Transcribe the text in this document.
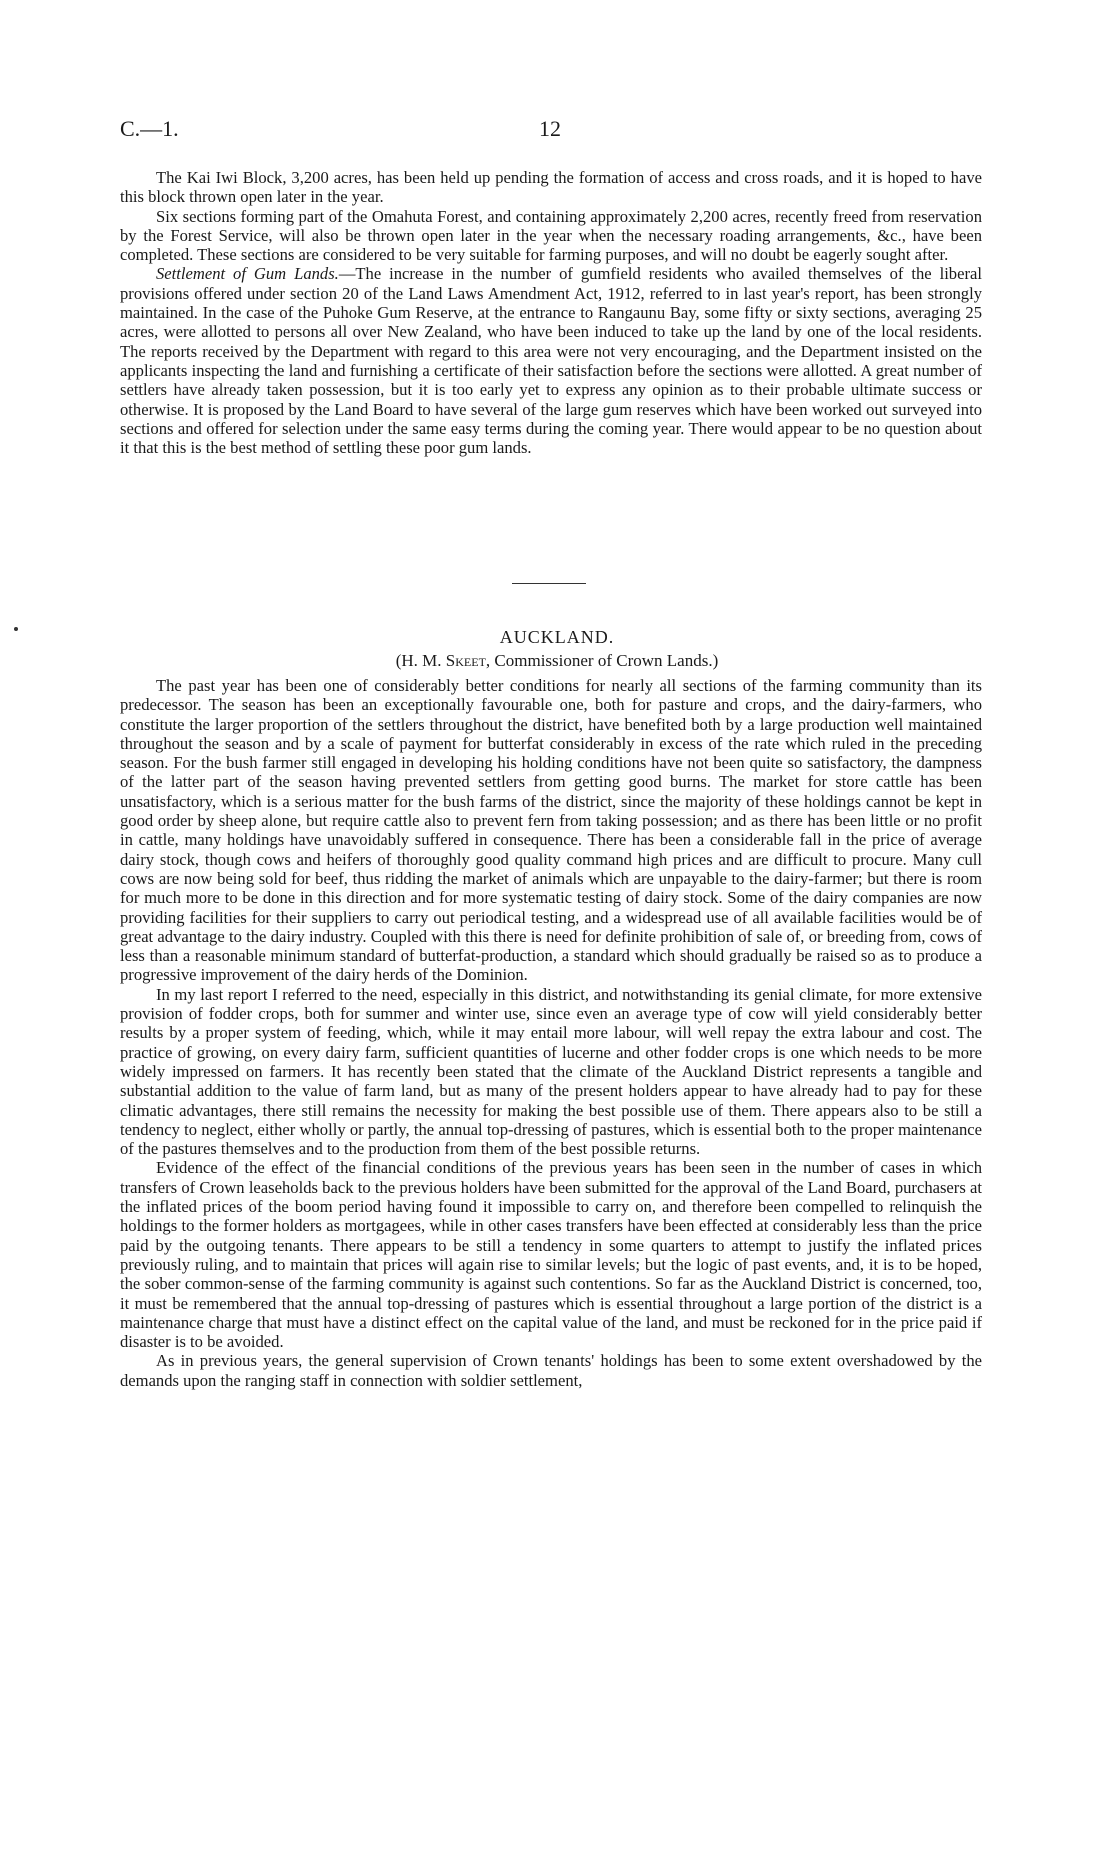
C.—1.	12

The Kai Iwi Block, 3,200 acres, has been held up pending the formation of access and cross roads, and it is hoped to have this block thrown open later in the year.

Six sections forming part of the Omahuta Forest, and containing approximately 2,200 acres, recently freed from reservation by the Forest Service, will also be thrown open later in the year when the necessary roading arrangements, &c., have been completed. These sections are considered to be very suitable for farming purposes, and will no doubt be eagerly sought after.

Settlement of Gum Lands.—The increase in the number of gumfield residents who availed themselves of the liberal provisions offered under section 20 of the Land Laws Amendment Act, 1912, referred to in last year's report, has been strongly maintained. In the case of the Puhoke Gum Reserve, at the entrance to Rangaunu Bay, some fifty or sixty sections, averaging 25 acres, were allotted to persons all over New Zealand, who have been induced to take up the land by one of the local residents. The reports received by the Department with regard to this area were not very encouraging, and the Department insisted on the applicants inspecting the land and furnishing a certificate of their satisfaction before the sections were allotted. A great number of settlers have already taken possession, but it is too early yet to express any opinion as to their probable ultimate success or otherwise. It is proposed by the Land Board to have several of the large gum reserves which have been worked out surveyed into sections and offered for selection under the same easy terms during the coming year. There would appear to be no question about it that this is the best method of settling these poor gum lands.

AUCKLAND.
(H. M. Skeet, Commissioner of Crown Lands.)

The past year has been one of considerably better conditions for nearly all sections of the farming community than its predecessor. The season has been an exceptionally favourable one, both for pasture and crops, and the dairy-farmers, who constitute the larger proportion of the settlers throughout the district, have benefited both by a large production well maintained throughout the season and by a scale of payment for butterfat considerably in excess of the rate which ruled in the preceding season. For the bush farmer still engaged in developing his holding conditions have not been quite so satisfactory, the dampness of the latter part of the season having prevented settlers from getting good burns. The market for store cattle has been unsatisfactory, which is a serious matter for the bush farms of the district, since the majority of these holdings cannot be kept in good order by sheep alone, but require cattle also to prevent fern from taking possession; and as there has been little or no profit in cattle, many holdings have unavoidably suffered in consequence. There has been a considerable fall in the price of average dairy stock, though cows and heifers of thoroughly good quality command high prices and are difficult to procure. Many cull cows are now being sold for beef, thus ridding the market of animals which are unpayable to the dairy-farmer; but there is room for much more to be done in this direction and for more systematic testing of dairy stock. Some of the dairy companies are now providing facilities for their suppliers to carry out periodical testing, and a widespread use of all available facilities would be of great advantage to the dairy industry. Coupled with this there is need for definite prohibition of sale of, or breeding from, cows of less than a reasonable minimum standard of butterfat-production, a standard which should gradually be raised so as to produce a progressive improvement of the dairy herds of the Dominion.

In my last report I referred to the need, especially in this district, and notwithstanding its genial climate, for more extensive provision of fodder crops, both for summer and winter use, since even an average type of cow will yield considerably better results by a proper system of feeding, which, while it may entail more labour, will well repay the extra labour and cost. The practice of growing, on every dairy farm, sufficient quantities of lucerne and other fodder crops is one which needs to be more widely impressed on farmers. It has recently been stated that the climate of the Auckland District represents a tangible and substantial addition to the value of farm land, but as many of the present holders appear to have already had to pay for these climatic advantages, there still remains the necessity for making the best possible use of them. There appears also to be still a tendency to neglect, either wholly or partly, the annual top-dressing of pastures, which is essential both to the proper maintenance of the pastures themselves and to the production from them of the best possible returns.

Evidence of the effect of the financial conditions of the previous years has been seen in the number of cases in which transfers of Crown leaseholds back to the previous holders have been submitted for the approval of the Land Board, purchasers at the inflated prices of the boom period having found it impossible to carry on, and therefore been compelled to relinquish the holdings to the former holders as mortgagees, while in other cases transfers have been effected at considerably less than the price paid by the outgoing tenants. There appears to be still a tendency in some quarters to attempt to justify the inflated prices previously ruling, and to maintain that prices will again rise to similar levels; but the logic of past events, and, it is to be hoped, the sober common-sense of the farming community is against such contentions. So far as the Auckland District is concerned, too, it must be remembered that the annual top-dressing of pastures which is essential throughout a large portion of the district is a maintenance charge that must have a distinct effect on the capital value of the land, and must be reckoned for in the price paid if disaster is to be avoided.

As in previous years, the general supervision of Crown tenants' holdings has been to some extent overshadowed by the demands upon the ranging staff in connection with soldier settlement,
